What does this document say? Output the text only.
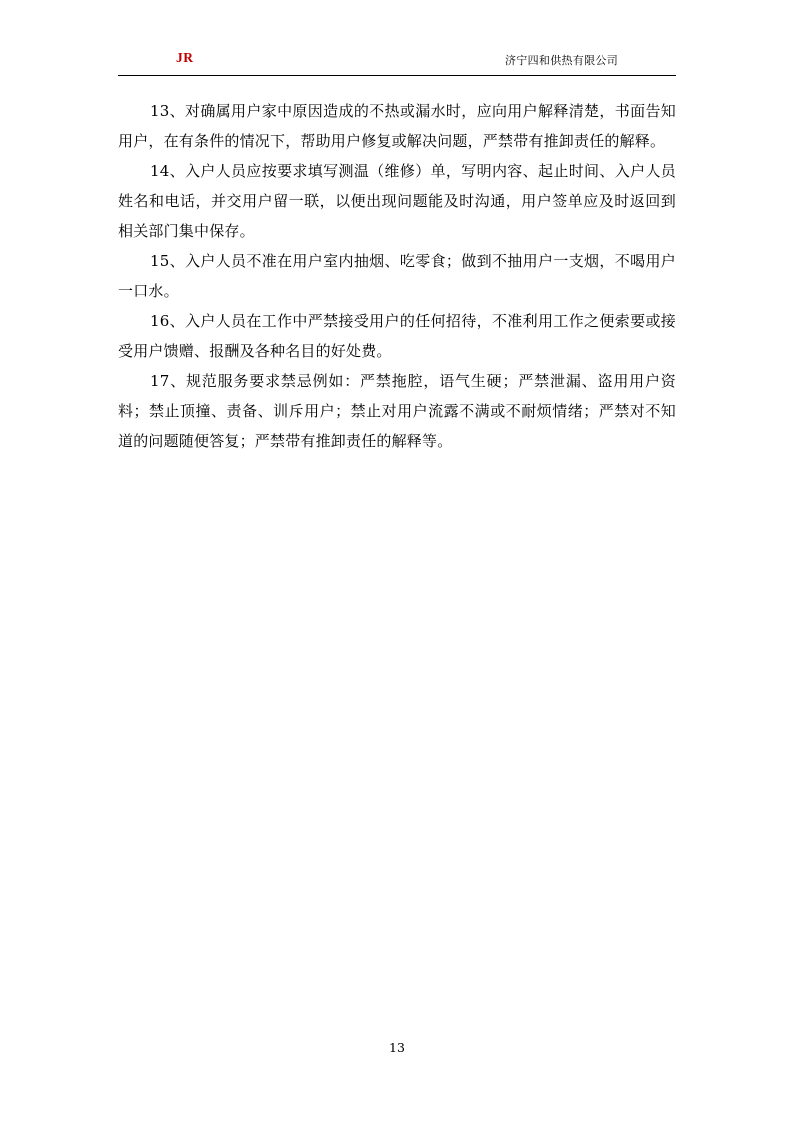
JR	济宁四和供热有限公司

13、对确属用户家中原因造成的不热或漏水时，应向用户解释清楚，书面告知用户，在有条件的情况下，帮助用户修复或解决问题，严禁带有推卸责任的解释。

14、入户人员应按要求填写测温（维修）单，写明内容、起止时间、入户人员姓名和电话，并交用户留一联，以便出现问题能及时沟通，用户签单应及时返回到相关部门集中保存。

15、入户人员不准在用户室内抽烟、吃零食；做到不抽用户一支烟，不喝用户一口水。

16、入户人员在工作中严禁接受用户的任何招待，不准利用工作之便索要或接受用户馈赠、报酬及各种名目的好处费。

17、规范服务要求禁忌例如：严禁拖腔，语气生硬；严禁泄漏、盗用用户资料；禁止顶撞、责备、训斥用户；禁止对用户流露不满或不耐烦情绪；严禁对不知道的问题随便答复；严禁带有推卸责任的解释等。

13
